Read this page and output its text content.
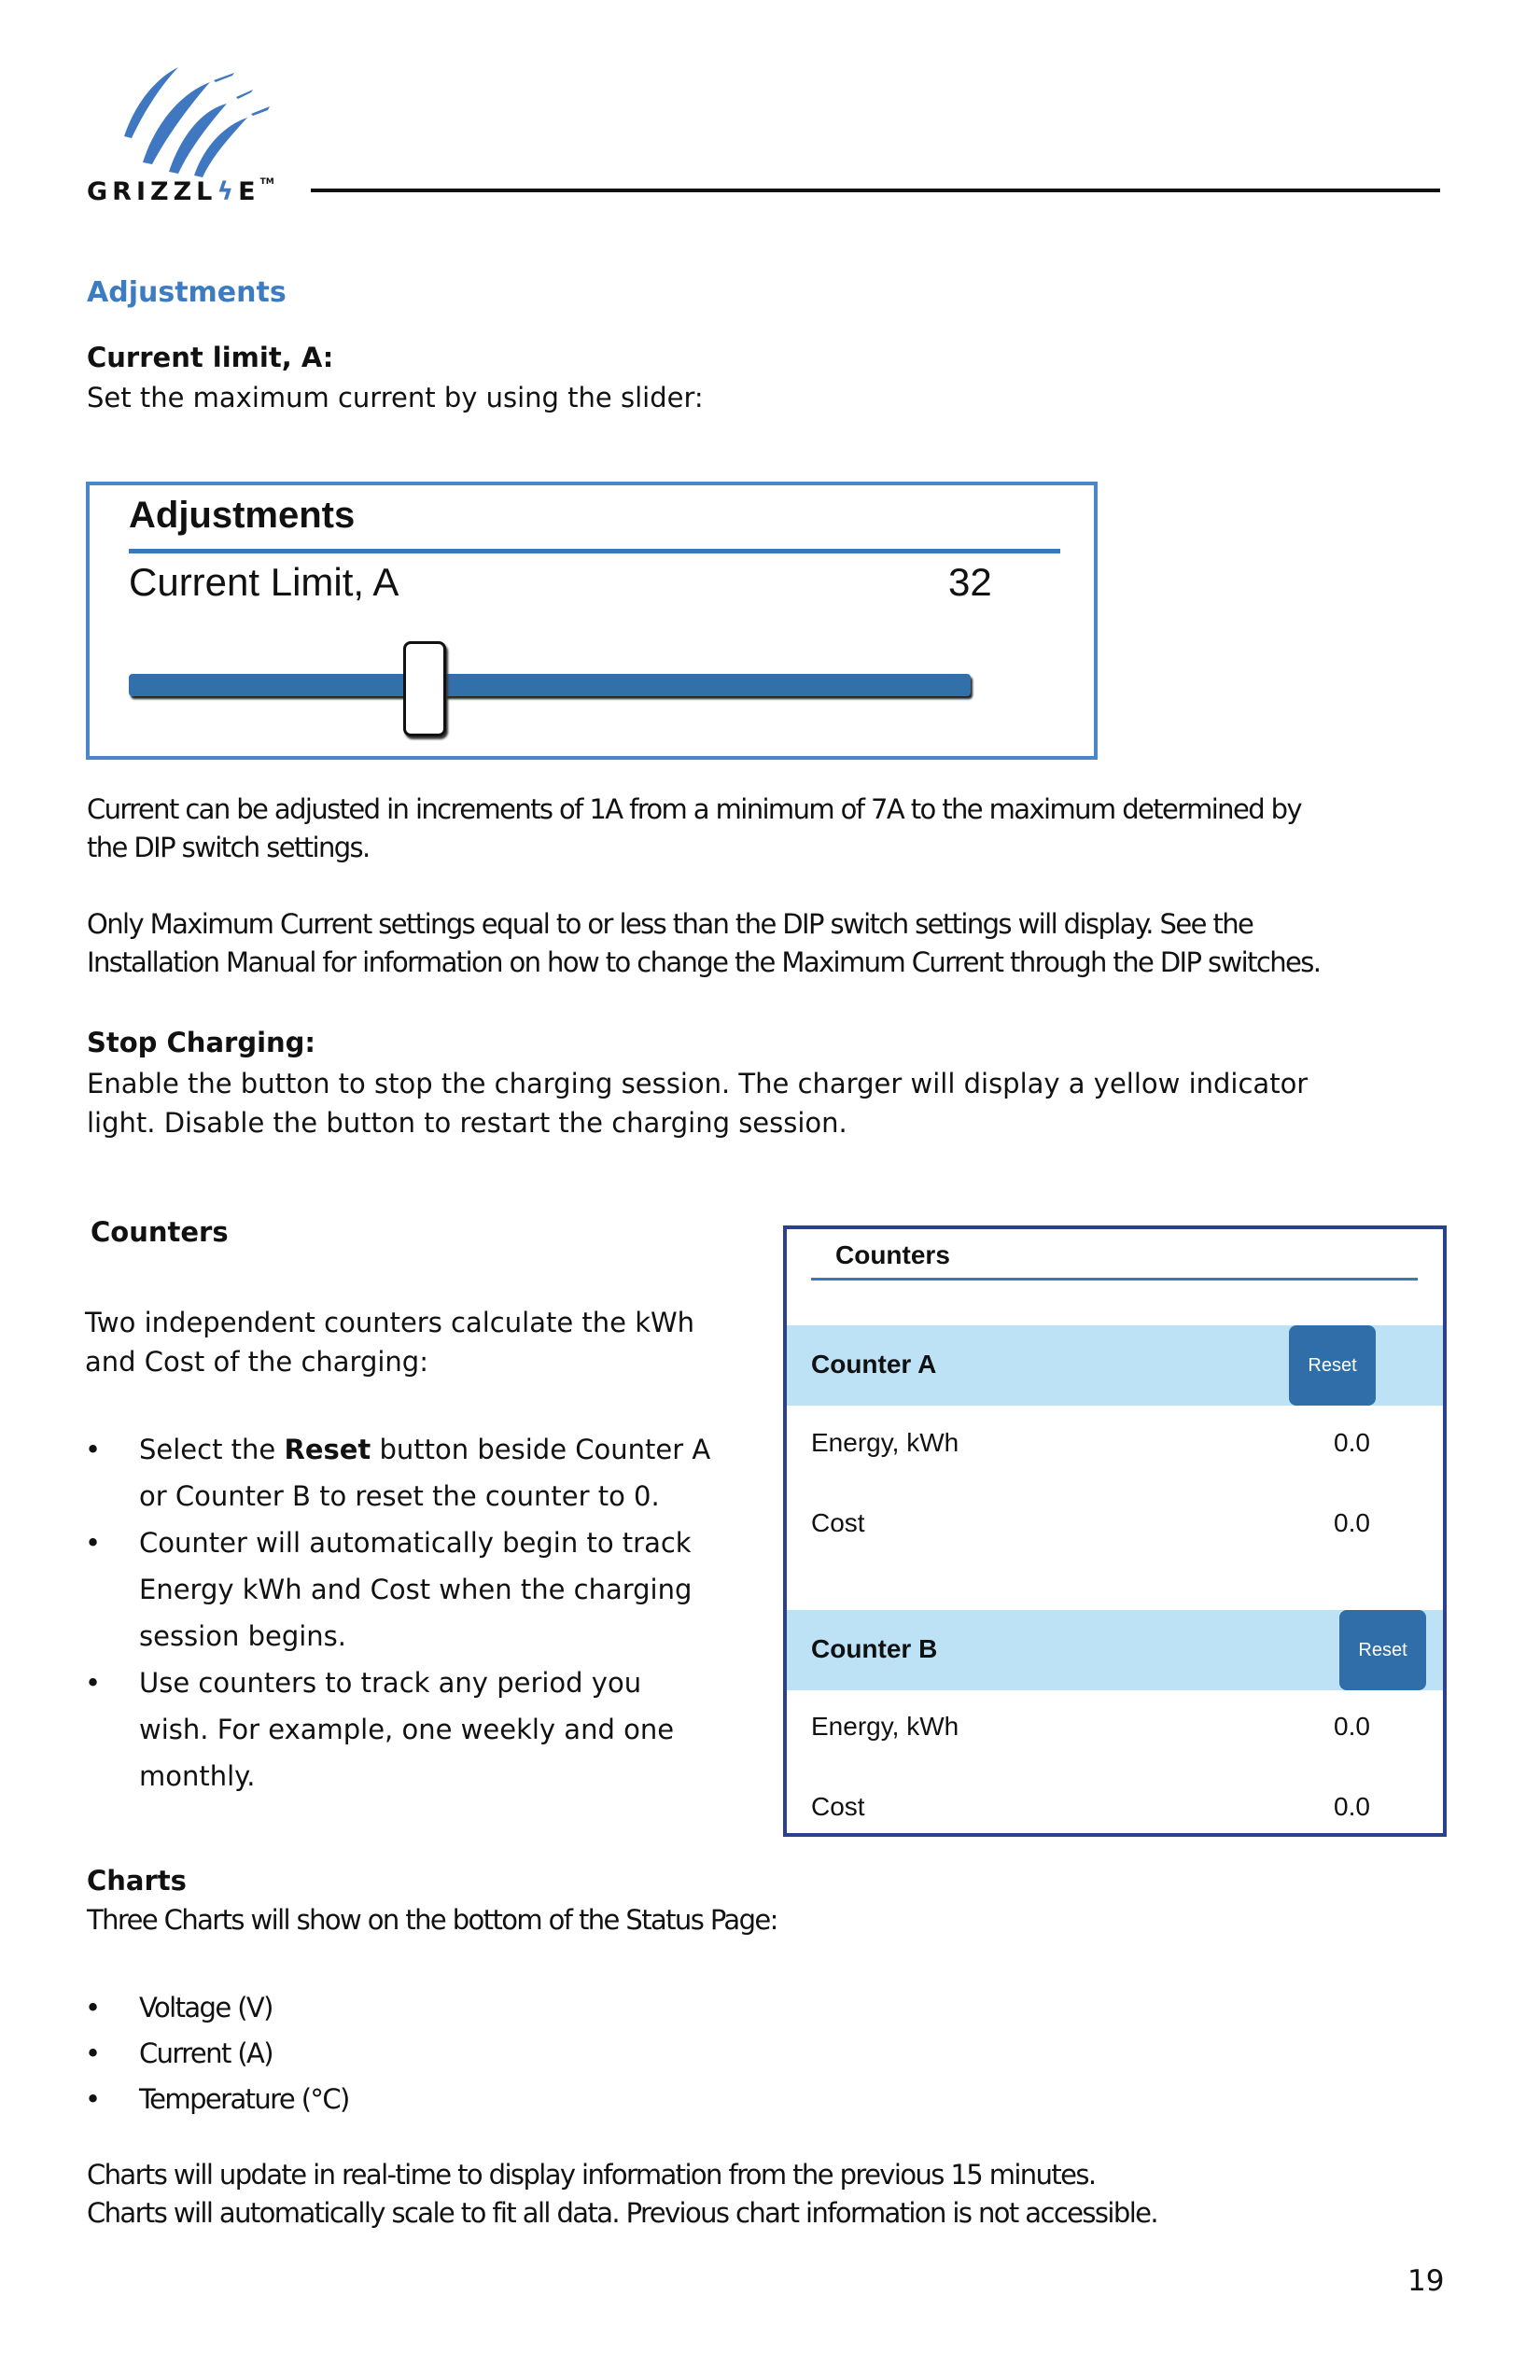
GRIZZLϟE™
Adjustments
Current limit, A:
Set the maximum current by using the slider:
Adjustments
Current Limit, A	32
Current can be adjusted in increments of 1A from a minimum of 7A to the maximum determined by
the DIP switch settings.
Only Maximum Current settings equal to or less than the DIP switch settings will display. See the
Installation Manual for information on how to change the Maximum Current through the DIP switches.
Stop Charging:
Enable the button to stop the charging session. The charger will display a yellow indicator
light. Disable the button to restart the charging session.
Counters
Two independent counters calculate the kWh
and Cost of the charging:
• Select the Reset button beside Counter A
or Counter B to reset the counter to 0.
• Counter will automatically begin to track
Energy kWh and Cost when the charging
session begins.
• Use counters to track any period you
wish. For example, one weekly and one
monthly.
Counters
Counter A	Reset
Energy, kWh	0.0
Cost	0.0
Counter B	Reset
Energy, kWh	0.0
Cost	0.0
Charts
Three Charts will show on the bottom of the Status Page:
• Voltage (V)
• Current (A)
• Temperature (°C)
Charts will update in real-time to display information from the previous 15 minutes.
Charts will automatically scale to fit all data. Previous chart information is not accessible.
19
